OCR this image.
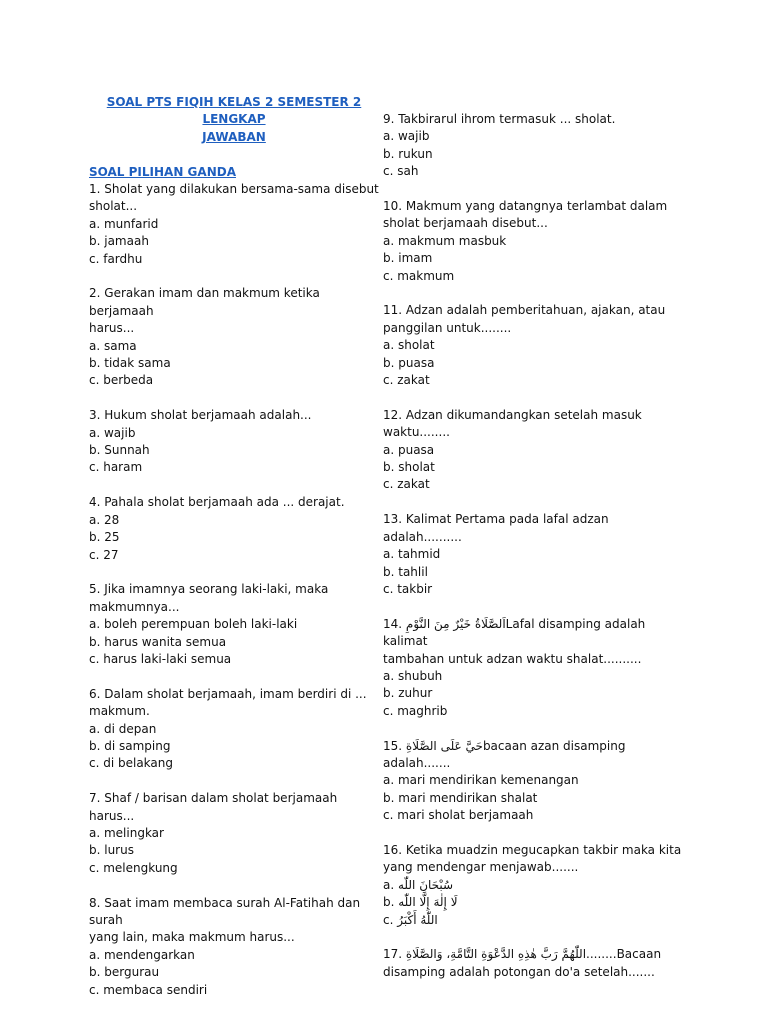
SOAL PTS FIQIH KELAS 2 SEMESTER 2 LENGKAP
JAWABAN
SOAL PILIHAN GANDA
1. Sholat yang dilakukan bersama-sama disebut
sholat...
a. munfarid
b. jamaah
c. fardhu
2. Gerakan imam dan makmum ketika berjamaah
harus...
a. sama
b. tidak sama
c. berbeda
3. Hukum sholat berjamaah adalah...
a. wajib
b. Sunnah
c. haram
4. Pahala sholat berjamaah ada ... derajat.
a. 28
b. 25
c. 27
5. Jika imamnya seorang laki-laki, maka
makmumnya...
a. boleh perempuan boleh laki-laki
b. harus wanita semua
c. harus laki-laki semua
6. Dalam sholat berjamaah, imam berdiri di ...
makmum.
a. di depan
b. di samping
c. di belakang
7. Shaf / barisan dalam sholat berjamaah harus...
a. melingkar
b. lurus
c. melengkung
8. Saat imam membaca surah Al-Fatihah dan surah
yang lain, maka makmum harus...
a. mendengarkan
b. bergurau
c. membaca sendiri
9. Takbirarul ihrom termasuk ... sholat.
a. wajib
b. rukun
c. sah
10. Makmum yang datangnya terlambat dalam
sholat berjamaah disebut...
a. makmum masbuk
b. imam
c. makmum
11. Adzan adalah pemberitahuan, ajakan, atau
panggilan untuk........
a. sholat
b. puasa
c. zakat
12. Adzan dikumandangkan setelah masuk
waktu........
a. puasa
b. sholat
c. zakat
13. Kalimat Pertama pada lafal adzan adalah..........
a. tahmid
b. tahlil
c. takbir
14. اَلصَّلَاةُ خَيْرٌ مِنَ النَّوْمِLafal disamping adalah kalimat
tambahan untuk adzan waktu shalat..........
a. shubuh
b. zuhur
c. maghrib
15. حَيَّ عَلَى الصَّلَاةِbacaan azan disamping adalah.......
a. mari mendirikan kemenangan
b. mari mendirikan shalat
c. mari sholat berjamaah
16. Ketika muadzin megucapkan takbir maka kita
yang mendengar menjawab.......
a. سُبْحَانَ اللّٰه
b. لَا إِلٰهَ إِلَّا اللّٰه
c. اللّٰهُ أَكْبَرُ
17. اللّٰهُمَّ رَبَّ هٰذِهِ الدَّعْوَةِ التَّامَّةِ، وَالصَّلَاةِ........Bacaan
disamping adalah potongan do'a setelah.......
